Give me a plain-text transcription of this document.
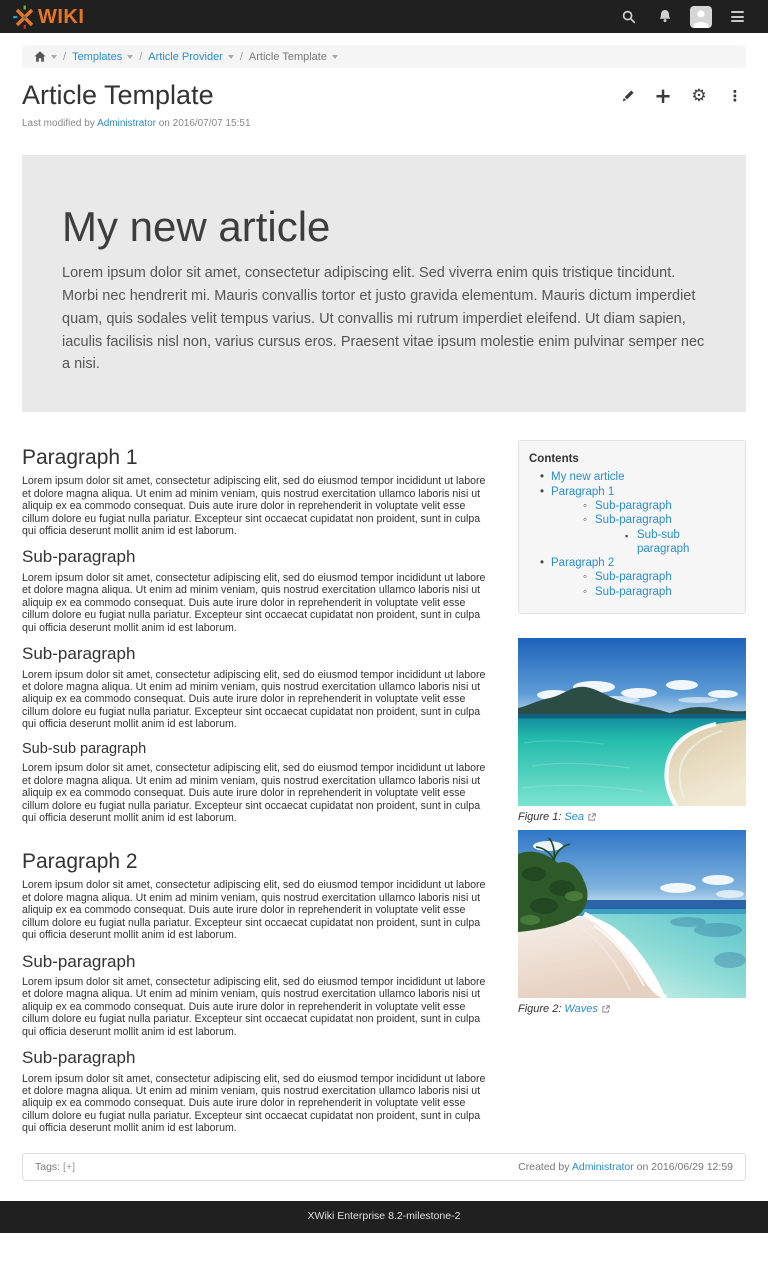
WIKI
/ Templates / Article Provider / Article Template
Article Template	+ ⚙ ⋮
Last modified by Administrator on 2016/07/07 15:51
My new article

Lorem ipsum dolor sit amet, consectetur adipiscing elit. Sed viverra enim quis tristique tincidunt. Morbi nec hendrerit mi. Mauris convallis tortor et justo gravida elementum. Mauris dictum imperdiet quam, quis sodales velit tempus varius. Ut convallis mi rutrum imperdiet eleifend. Ut diam sapien, iaculis facilisis nisl non, varius cursus eros. Praesent vitae ipsum molestie enim pulvinar semper nec a nisi.

Paragraph 1

Lorem ipsum dolor sit amet, consectetur adipiscing elit, sed do eiusmod tempor incididunt ut labore et dolore magna aliqua. Ut enim ad minim veniam, quis nostrud exercitation ullamco laboris nisi ut aliquip ex ea commodo consequat. Duis aute irure dolor in reprehenderit in voluptate velit esse cillum dolore eu fugiat nulla pariatur. Excepteur sint occaecat cupidatat non proident, sunt in culpa qui officia deserunt mollit anim id est laborum.

Sub-paragraph

Lorem ipsum dolor sit amet, consectetur adipiscing elit, sed do eiusmod tempor incididunt ut labore et dolore magna aliqua. Ut enim ad minim veniam, quis nostrud exercitation ullamco laboris nisi ut aliquip ex ea commodo consequat. Duis aute irure dolor in reprehenderit in voluptate velit esse cillum dolore eu fugiat nulla pariatur. Excepteur sint occaecat cupidatat non proident, sunt in culpa qui officia deserunt mollit anim id est laborum.

Sub-paragraph

Lorem ipsum dolor sit amet, consectetur adipiscing elit, sed do eiusmod tempor incididunt ut labore et dolore magna aliqua. Ut enim ad minim veniam, quis nostrud exercitation ullamco laboris nisi ut aliquip ex ea commodo consequat. Duis aute irure dolor in reprehenderit in voluptate velit esse cillum dolore eu fugiat nulla pariatur. Excepteur sint occaecat cupidatat non proident, sunt in culpa qui officia deserunt mollit anim id est laborum.

Sub-sub paragraph

Lorem ipsum dolor sit amet, consectetur adipiscing elit, sed do eiusmod tempor incididunt ut labore et dolore magna aliqua. Ut enim ad minim veniam, quis nostrud exercitation ullamco laboris nisi ut aliquip ex ea commodo consequat. Duis aute irure dolor in reprehenderit in voluptate velit esse cillum dolore eu fugiat nulla pariatur. Excepteur sint occaecat cupidatat non proident, sunt in culpa qui officia deserunt mollit anim id est laborum.

Paragraph 2

Lorem ipsum dolor sit amet, consectetur adipiscing elit, sed do eiusmod tempor incididunt ut labore et dolore magna aliqua. Ut enim ad minim veniam, quis nostrud exercitation ullamco laboris nisi ut aliquip ex ea commodo consequat. Duis aute irure dolor in reprehenderit in voluptate velit esse cillum dolore eu fugiat nulla pariatur. Excepteur sint occaecat cupidatat non proident, sunt in culpa qui officia deserunt mollit anim id est laborum.

Sub-paragraph

Lorem ipsum dolor sit amet, consectetur adipiscing elit, sed do eiusmod tempor incididunt ut labore et dolore magna aliqua. Ut enim ad minim veniam, quis nostrud exercitation ullamco laboris nisi ut aliquip ex ea commodo consequat. Duis aute irure dolor in reprehenderit in voluptate velit esse cillum dolore eu fugiat nulla pariatur. Excepteur sint occaecat cupidatat non proident, sunt in culpa qui officia deserunt mollit anim id est laborum.

Sub-paragraph

Lorem ipsum dolor sit amet, consectetur adipiscing elit, sed do eiusmod tempor incididunt ut labore et dolore magna aliqua. Ut enim ad minim veniam, quis nostrud exercitation ullamco laboris nisi ut aliquip ex ea commodo consequat. Duis aute irure dolor in reprehenderit in voluptate velit esse cillum dolore eu fugiat nulla pariatur. Excepteur sint occaecat cupidatat non proident, sunt in culpa qui officia deserunt mollit anim id est laborum.

Contents

• My new article
• Paragraph 1
◦ Sub-paragraph
◦ Sub-paragraph
▪ Sub-sub paragraph
• Paragraph 2
◦ Sub-paragraph
◦ Sub-paragraph
Figure 1: Sea
Figure 2: Waves
Tags: [+]	Created by Administrator on 2016/06/29 12:59
XWiki Enterprise 8.2-milestone-2
